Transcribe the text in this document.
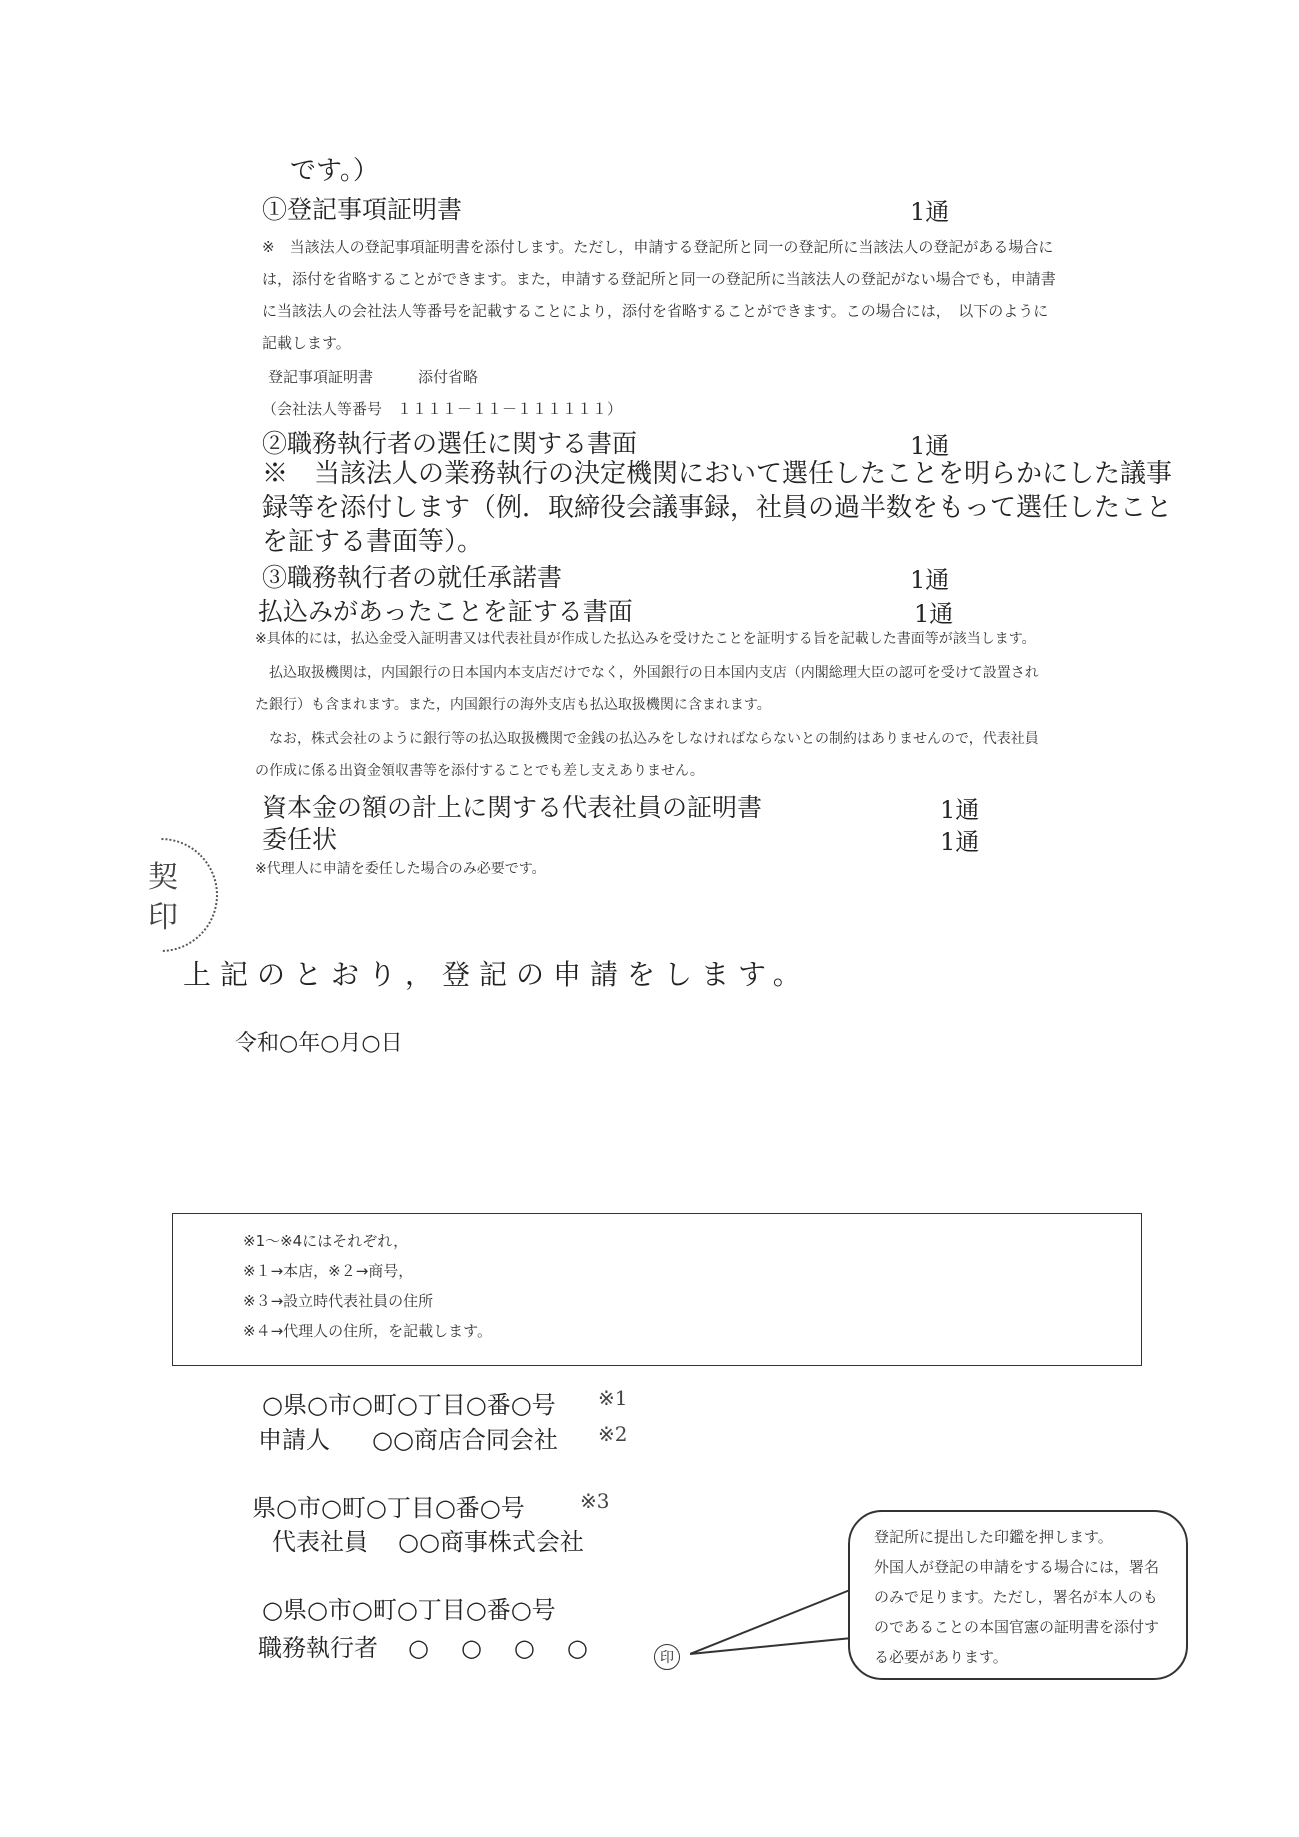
です。）
①登記事項証明書	1通
※　当該法人の登記事項証明書を添付します。ただし，申請する登記所と同一の登記所に当該法人の登記がある場合に
は，添付を省略することができます。また，申請する登記所と同一の登記所に当該法人の登記がない場合でも，申請書
に当該法人の会社法人等番号を記載することにより，添付を省略することができます。この場合には，　以下のように
記載します。
登記事項証明書　　　添付省略
（会社法人等番号　１１１１－１１－１１１１１１）
②職務執行者の選任に関する書面	1通
※　当該法人の業務執行の決定機関において選任したことを明らかにした議事
録等を添付します（例．取締役会議事録，社員の過半数をもって選任したこと
を証する書面等）。
③職務執行者の就任承諾書	1通
払込みがあったことを証する書面	1通
※具体的には，払込金受入証明書又は代表社員が作成した払込みを受けたことを証明する旨を記載した書面等が該当します。
　払込取扱機関は，内国銀行の日本国内本支店だけでなく，外国銀行の日本国内支店（内閣総理大臣の認可を受けて設置され
た銀行）も含まれます。また，内国銀行の海外支店も払込取扱機関に含まれます。
　なお，株式会社のように銀行等の払込取扱機関で金銭の払込みをしなければならないとの制約はありませんので，代表社員
の作成に係る出資金領収書等を添付することでも差し支えありません。
資本金の額の計上に関する代表社員の証明書	1通
委任状	1通
※代理人に申請を委任した場合のみ必要です。
契
印
上記のとおり，登記の申請をします。
令和○年○月○日
※1～※4にはそれぞれ，
※１→本店，※２→商号，
※３→設立時代表社員の住所
※４→代理人の住所，を記載します。
○県○市○町○丁目○番○号 ※1
申請人 ○○商店合同会社 ※2
県○市○町○丁目○番○号	※3
代表社員 ○○商事株式会社
○県○市○町○丁目○番○号
職務執行者 ○　○　○　○	印
登記所に提出した印鑑を押します。
外国人が登記の申請をする場合には，署名
のみで足ります。ただし，署名が本人のも
のであることの本国官憲の証明書を添付す
る必要があります。
